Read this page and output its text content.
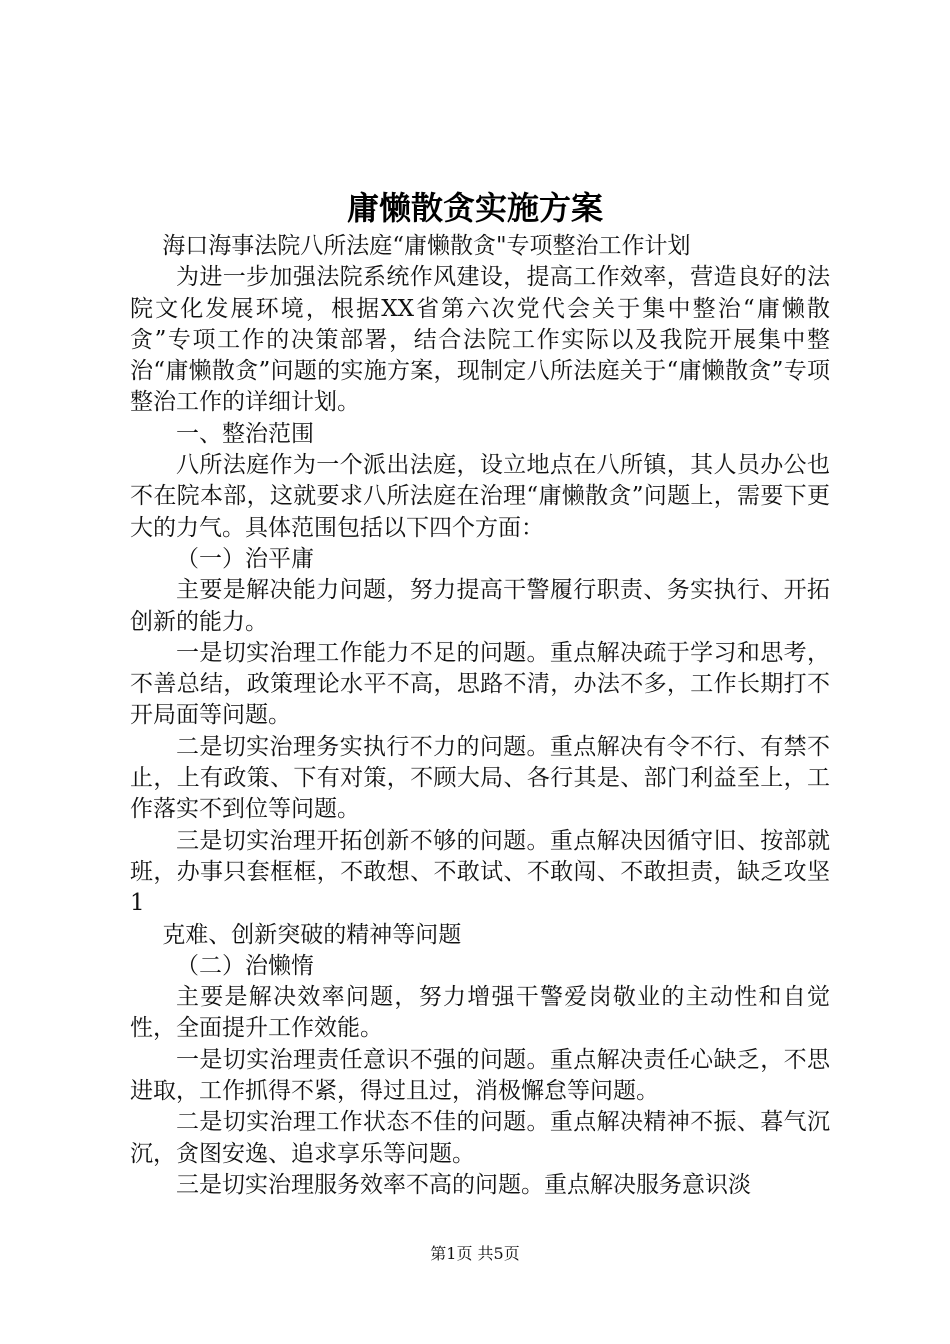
庸懒散贪实施方案

海口海事法院八所法庭“庸懒散贪"专项整治工作计划

为进一步加强法院系统作风建设，提高工作效率，营造良好的法院文化发展环境，根据XX省第六次党代会关于集中整治“庸懒散贪”专项工作的决策部署，结合法院工作实际以及我院开展集中整治“庸懒散贪”问题的实施方案，现制定八所法庭关于“庸懒散贪”专项整治工作的详细计划。

一、整治范围

八所法庭作为一个派出法庭，设立地点在八所镇，其人员办公也不在院本部，这就要求八所法庭在治理“庸懒散贪”问题上，需要下更大的力气。具体范围包括以下四个方面：

（一）治平庸

主要是解决能力问题，努力提高干警履行职责、务实执行、开拓创新的能力。

一是切实治理工作能力不足的问题。重点解决疏于学习和思考，不善总结，政策理论水平不高，思路不清，办法不多，工作长期打不开局面等问题。

二是切实治理务实执行不力的问题。重点解决有令不行、有禁不止，上有政策、下有对策，不顾大局、各行其是、部门利益至上，工作落实不到位等问题。

三是切实治理开拓创新不够的问题。重点解决因循守旧、按部就班，办事只套框框，不敢想、不敢试、不敢闯、不敢担责，缺乏攻坚1

克难、创新突破的精神等问题

（二）治懒惰

主要是解决效率问题，努力增强干警爱岗敬业的主动性和自觉性，全面提升工作效能。

一是切实治理责任意识不强的问题。重点解决责任心缺乏，不思进取，工作抓得不紧，得过且过，消极懈怠等问题。

二是切实治理工作状态不佳的问题。重点解决精神不振、暮气沉沉，贪图安逸、追求享乐等问题。

三是切实治理服务效率不高的问题。重点解决服务意识淡

第1页 共5页
